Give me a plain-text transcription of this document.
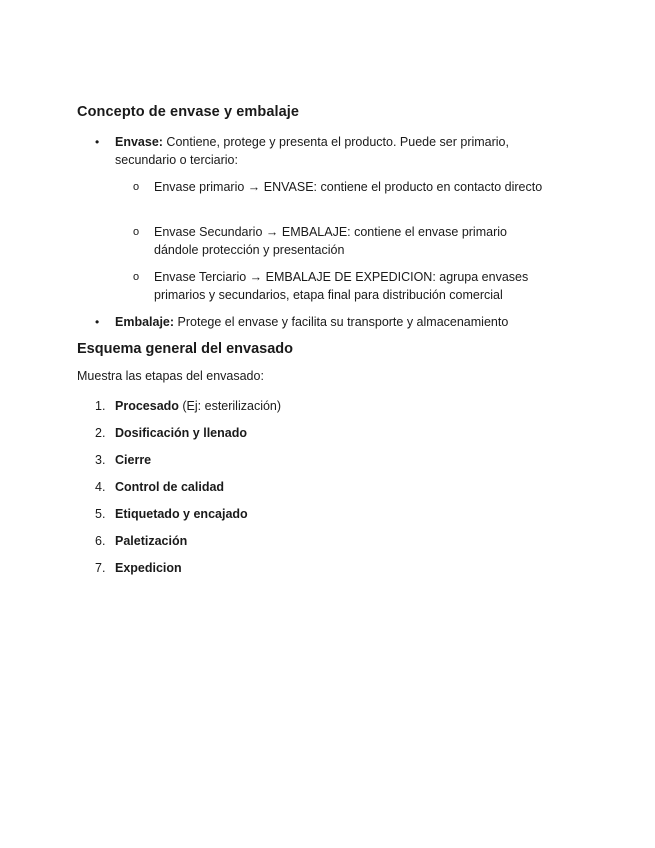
Concepto de envase y embalaje
•	Envase: Contiene, protege y presenta el producto. Puede ser primario, secundario o terciario:
o Envase primario → ENVASE: contiene el producto en contacto directo
o Envase Secundario → EMBALAJE: contiene el envase primario dándole protección y presentación
o Envase Terciario → EMBALAJE DE EXPEDICION: agrupa envases primarios y secundarios, etapa final para distribución comercial
•	Embalaje: Protege el envase y facilita su transporte y almacenamiento
Esquema general del envasado
Muestra las etapas del envasado:
1. Procesado (Ej: esterilización)
2. Dosificación y llenado
3. Cierre
4. Control de calidad
5. Etiquetado y encajado
6. Paletización
7. Expedicion
